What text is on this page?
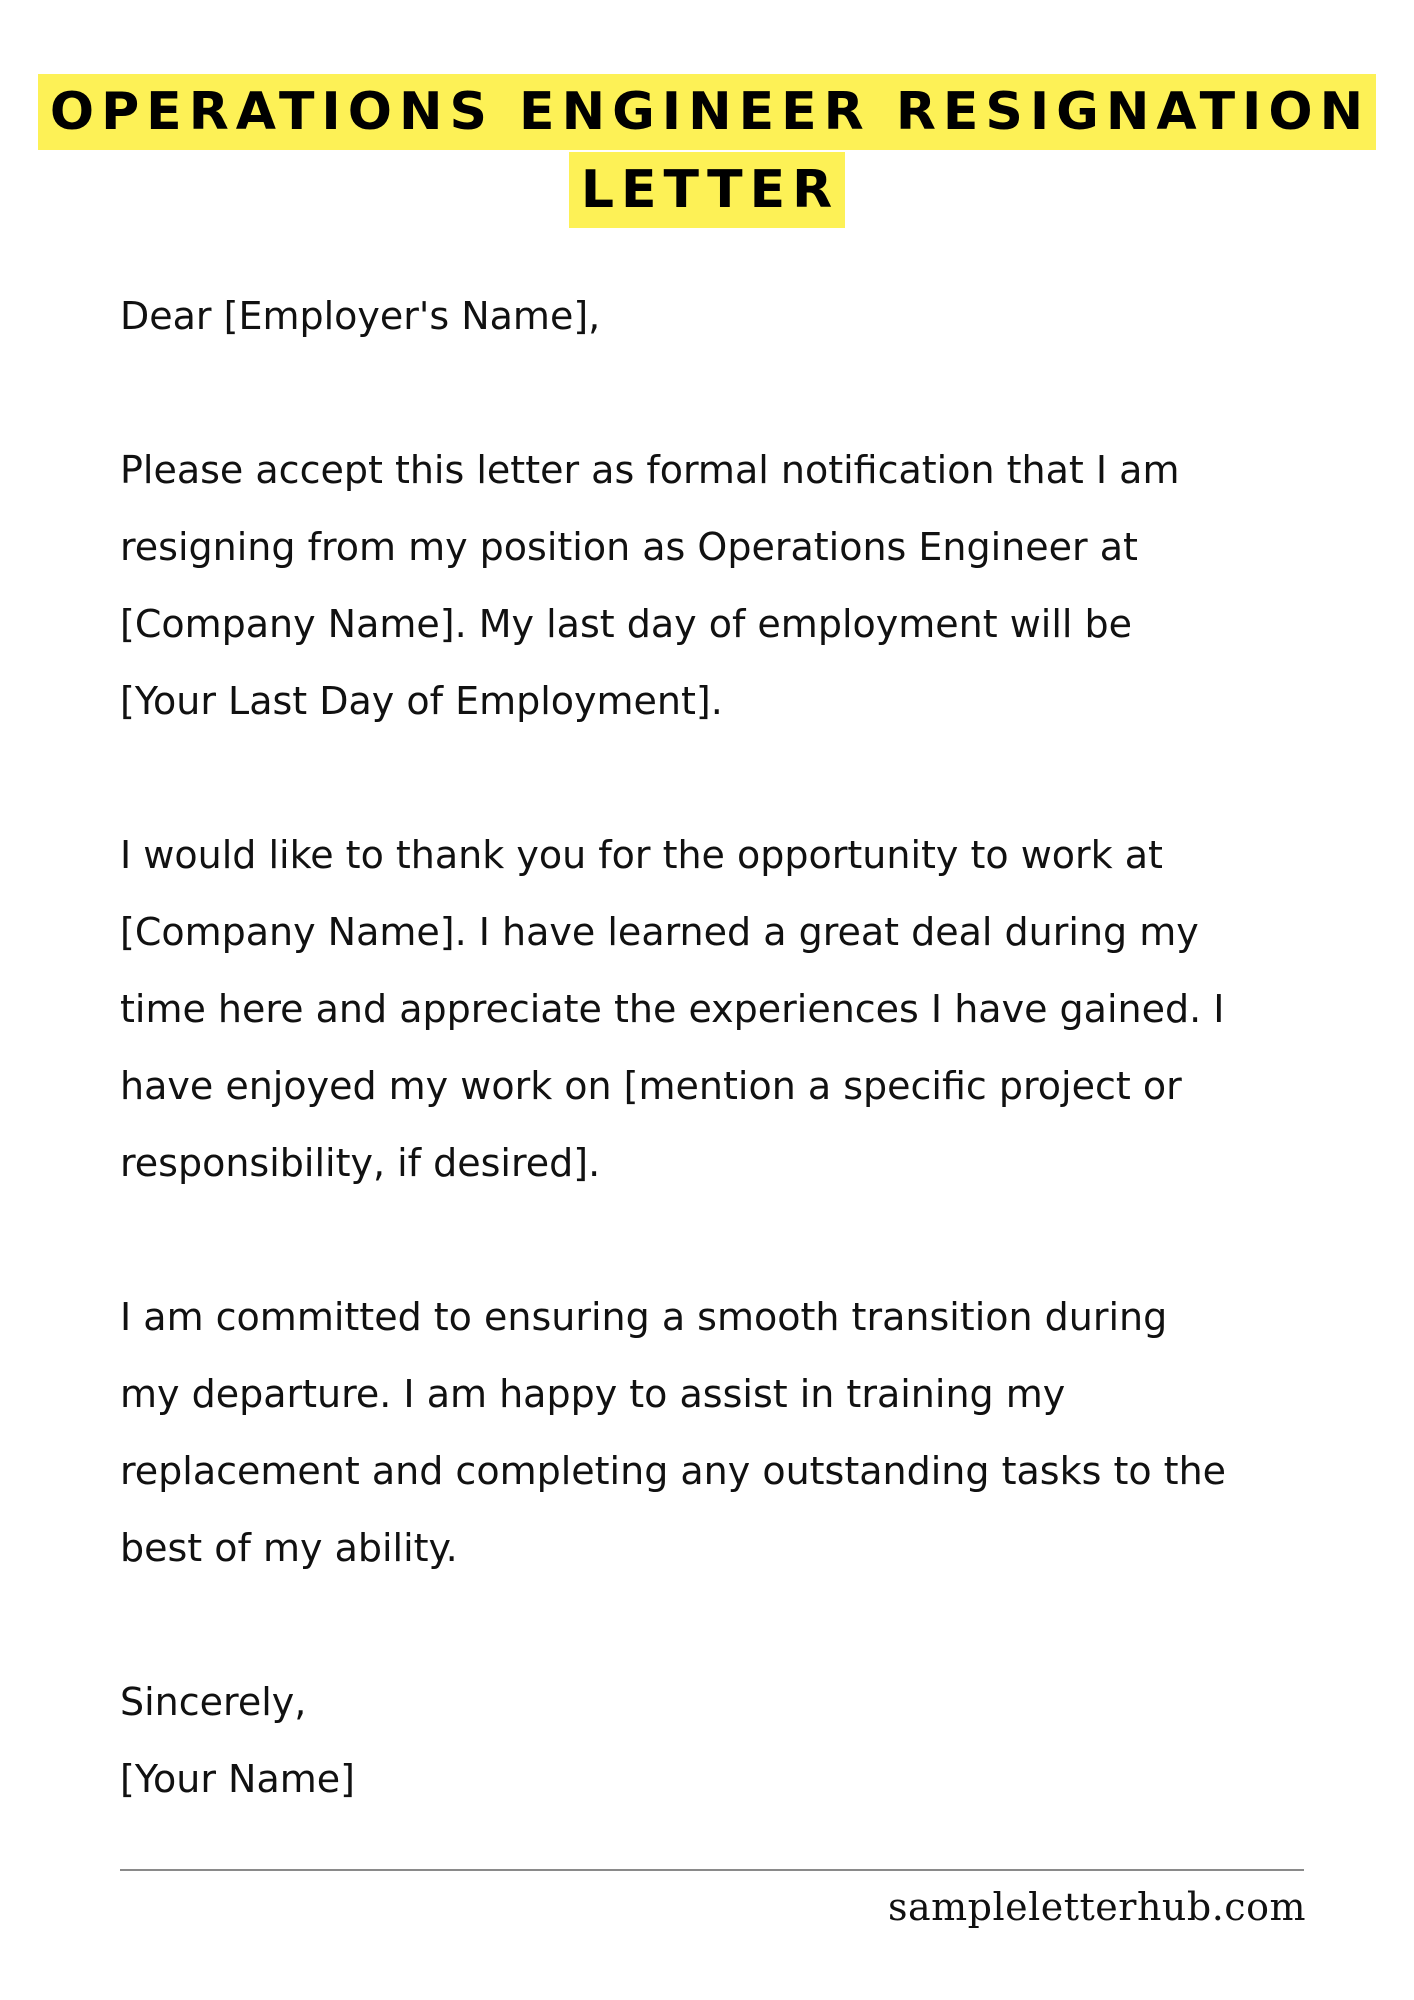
OPERATIONS ENGINEER RESIGNATION
LETTER

Dear [Employer's Name],

Please accept this letter as formal notification that I am
resigning from my position as Operations Engineer at
[Company Name]. My last day of employment will be
[Your Last Day of Employment].

I would like to thank you for the opportunity to work at
[Company Name]. I have learned a great deal during my
time here and appreciate the experiences I have gained. I
have enjoyed my work on [mention a specific project or
responsibility, if desired].

I am committed to ensuring a smooth transition during
my departure. I am happy to assist in training my
replacement and completing any outstanding tasks to the
best of my ability.

Sincerely,
[Your Name]
sampleletterhub.com
